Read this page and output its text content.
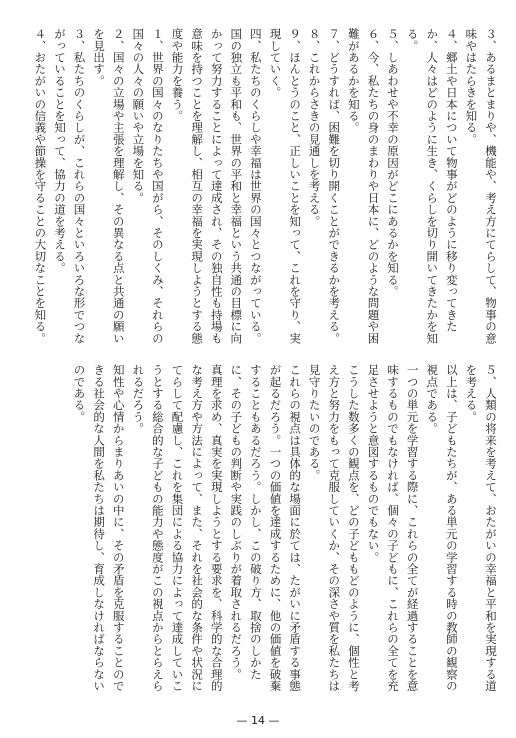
３、あるまとまりや、機能や、考え方にてらして、物事の意味やはたらきを知る。

４、郷土や日本について物事がどのように移り変ってきたか、人々はどのように生き、くらしを切り開いてきたかを知る。

５、しあわせや不幸の原因がどこにあるかを知る。

６、今、私たちの身のまわりや日本に、どのような問題や困難があるかを知る。

７、どうすれば、困難を切り開くことができるかを考える。

８、これからさきの見通しを考える。

９、ほんとうのこと、正しいことを知って、これを守り、実現していく。

四、私たちのくらしや幸福は世界の国々とつながっている。国の独立も平和も、世界の平和と幸福という共通の目標に向かって努力することによって達成され、その独自性も持場も意味を持つことを理解し、相互の幸福を実現しようとする態度や能力を養う。

１、世界の国々のなりたちや国がら、そのしくみ、それらの国々の人々の願いや立場を知る。

２、国々の立場や主張を理解し、その異なる点と共通の願いを見出す。

３、私たちのくらしが、これらの国々といろいろな形でつながっていることを知って、協力の道を考える。

４、おたがいの信義や節操を守ることの大切なことを知る。

５、人類の将来を考えて、おたがいの幸福と平和を実現する道を考える。

以上は、子どもたちが、ある単元の学習する時の教師の観察の視点である。

一つの単元を学習する際に、これらの全てが経過することを意味するものでもなければ、個々の子どもに、これらの全てを充足させようと意図するものでもない。

こうした数多くの観点を、どの子どももどのように、個性と考え方と努力をもって克服していくか、その深さや質を私たちは見守りたいのである。

これらの視点は具体的な場面に於ては、たがいに矛盾する事態が起るだろう。一つの価値を達成するために、他の価値を破棄することもあるだろう。しかし、この破り方、取捨のしかたに、その子どもの判断や実践のしぶりが着取されるだろう。

真理を求め、真実を実現しようとする要求を、科学的な合理的な考え方や方法によって、また、それを社会的な条件や状況にてらして配慮し、これを集団による協力によって達成していこうとする総合的な子どもの能力や態度がこの視点からとらえられるだろう。

知性や心情からまりあいの中に、その矛盾を克服することのできる社会的な人間を私たちは期待し、育成しなければならないのである。

— 14 —
